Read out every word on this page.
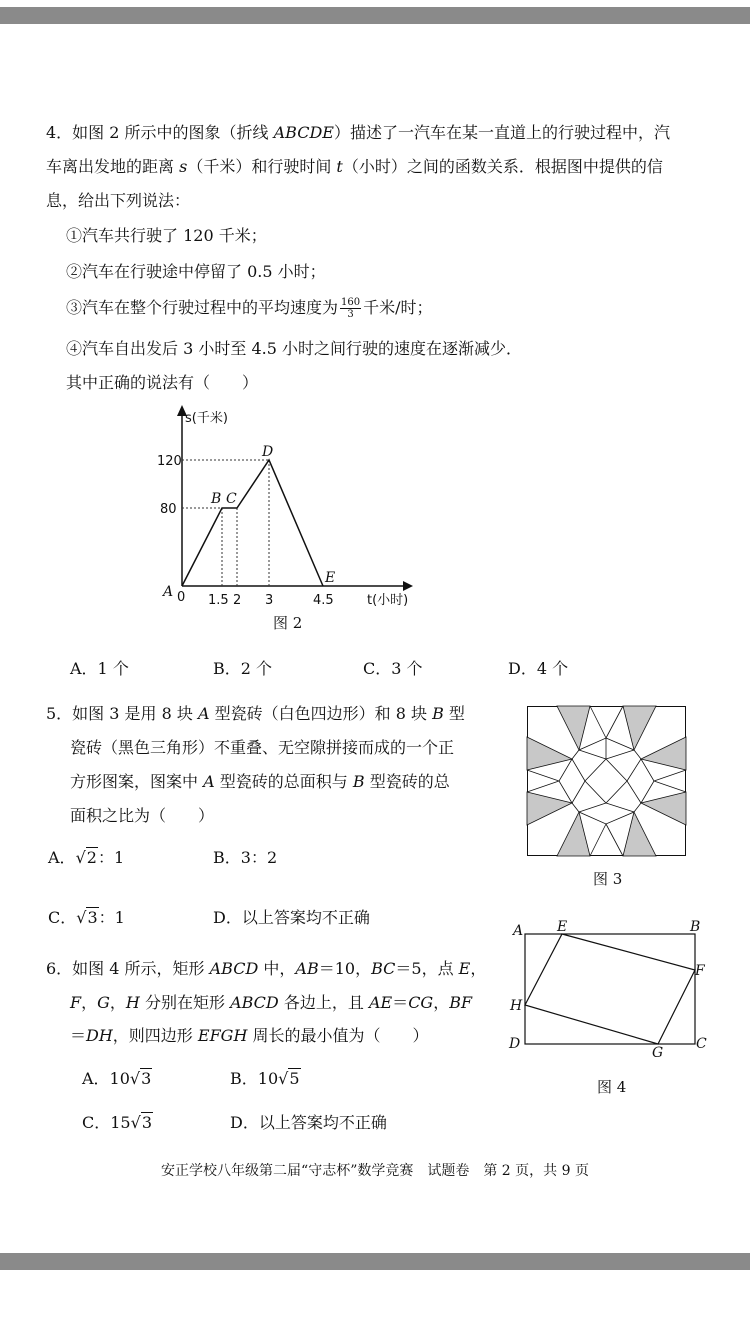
4．如图 2 所示中的图象（折线 ABCDE）描述了一汽车在某一直道上的行驶过程中，汽
车离出发地的距离 s（千米）和行驶时间 t（小时）之间的函数关系．根据图中提供的信
息，给出下列说法：
①汽车共行驶了 120 千米；
②汽车在行驶途中停留了 0.5 小时；
③汽车在整个行驶过程中的平均速度为 $\frac{160}{3}$ 千米/时；
④汽车自出发后 3 小时至 4.5 小时之间行驶的速度在逐渐减少．
其中正确的说法有（　　）
s(千米)
120
80
0 1.5 2 3	4.5	t(小时)
A
B C
D
E
图 2
A．1 个	B．2 个	C．3 个	D．4 个
5．如图 3 是用 8 块 A 型瓷砖（白色四边形）和 8 块 B 型
瓷砖（黑色三角形）不重叠、无空隙拼接而成的一个正
方形图案，图案中 A 型瓷砖的总面积与 B 型瓷砖的总
面积之比为（　　）
A．√2：1	B．3：2
C．√3：1	D．以上答案均不正确
图 3
6．如图 4 所示，矩形 ABCD 中，AB＝10，BC＝5，点 E，
F，G，H 分别在矩形 ABCD 各边上，且 AE＝CG，BF
＝DH，则四边形 EFGH 周长的最小值为（　　）
A．10√3	B．10√5
C．15√3	D．以上答案均不正确
A	B
C
D
E
F
G
H
图 4
安正学校八年级第二届“守志杯”数学竞赛　试题卷　第 2 页，共 9 页
